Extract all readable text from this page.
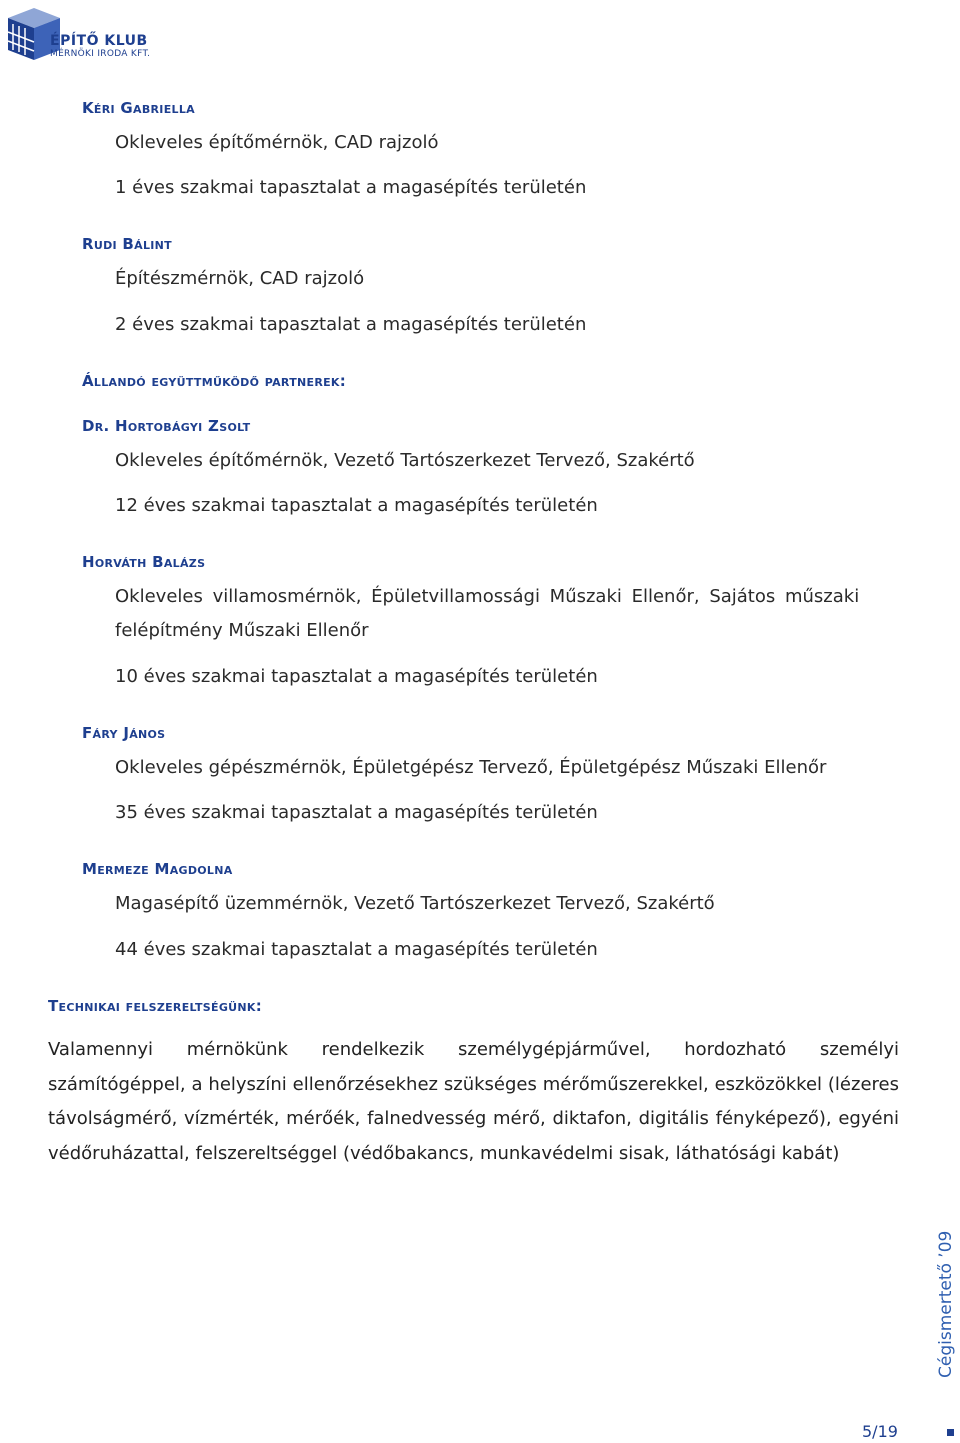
ÉPÍTŐ KLUB
MÉRNÖKI IRODA KFT.
Kéri Gabriella
Okleveles építőmérnök, CAD rajzoló
1 éves szakmai tapasztalat a magasépítés területén
Rudi Bálint
Építészmérnök, CAD rajzoló
2 éves szakmai tapasztalat a magasépítés területén
Állandó együttműködő partnerek:
Dr. Hortobágyi Zsolt
Okleveles építőmérnök, Vezető Tartószerkezet Tervező, Szakértő
12 éves szakmai tapasztalat a magasépítés területén
Horváth Balázs
Okleveles villamosmérnök, Épületvillamossági Műszaki Ellenőr, Sajátos műszaki
felépítmény Műszaki Ellenőr
10 éves szakmai tapasztalat a magasépítés területén
Fáry János
Okleveles gépészmérnök, Épületgépész Tervező, Épületgépész Műszaki Ellenőr
35 éves szakmai tapasztalat a magasépítés területén
Mermeze Magdolna
Magasépítő üzemmérnök, Vezető Tartószerkezet Tervező, Szakértő
44 éves szakmai tapasztalat a magasépítés területén
Technikai felszereltségünk:
Valamennyi mérnökünk rendelkezik személygépjárművel, hordozható személyi számítógéppel, a helyszíni ellenőrzésekhez szükséges mérőműszerekkel, eszközökkel (lézeres távolságmérő, vízmérték, mérőék, falnedvesség mérő, diktafon, digitális fényképező), egyéni védőruházattal, felszereltséggel (védőbakancs, munkavédelmi sisak, láthatósági kabát)
Cégismertető ’09
5/19
